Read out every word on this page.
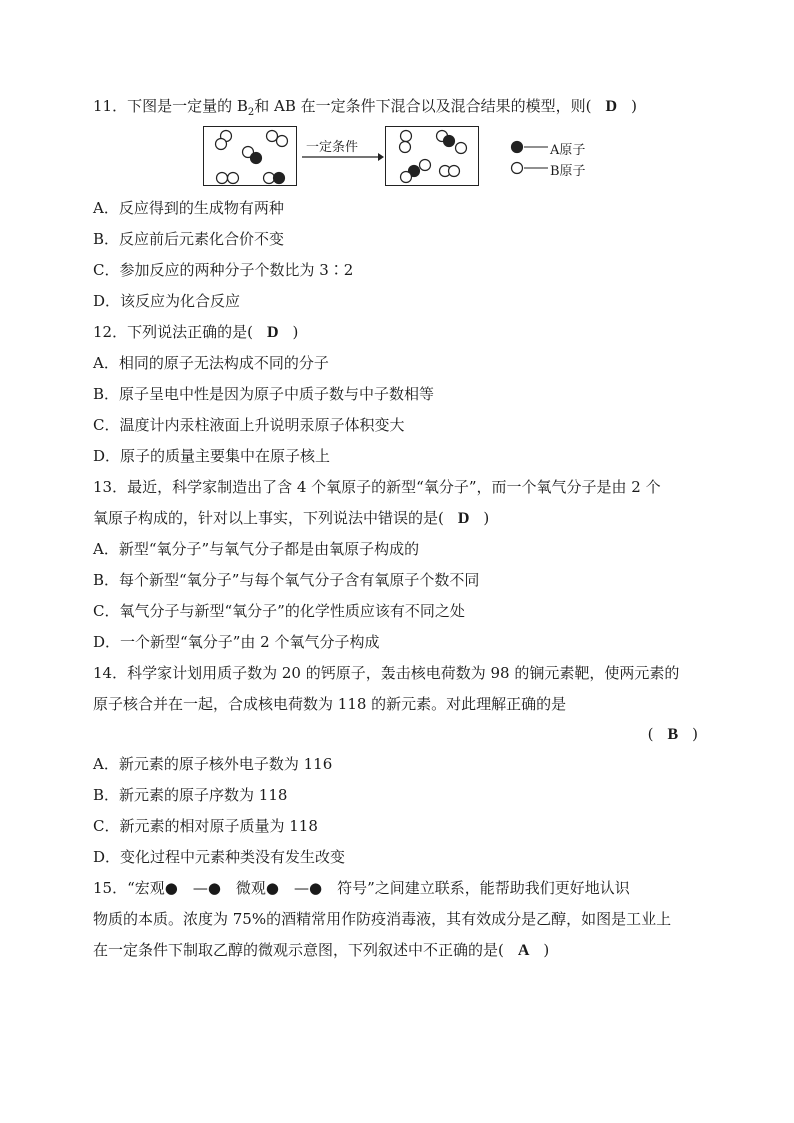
11．下图是一定量的 $B_2$和 AB 在一定条件下混合以及混合结果的模型，则( D )
一定条件	A原子
B原子
A．反应得到的生成物有两种
B．反应前后元素化合价不变
C．参加反应的两种分子个数比为 3∶2
D．该反应为化合反应
12．下列说法正确的是( D )
A．相同的原子无法构成不同的分子
B．原子呈电中性是因为原子中质子数与中子数相等
C．温度计内汞柱液面上升说明汞原子体积变大
D．原子的质量主要集中在原子核上
13．最近，科学家制造出了含 4 个氧原子的新型“氧分子”，而一个氧气分子是由 2 个
氧原子构成的，针对以上事实，下列说法中错误的是( D )
A．新型“氧分子”与氧气分子都是由氧原子构成的
B．每个新型“氧分子”与每个氧气分子含有氧原子个数不同
C．氧气分子与新型“氧分子”的化学性质应该有不同之处
D．一个新型“氧分子”由 2 个氧气分子构成
14．科学家计划用质子数为 20 的钙原子，轰击核电荷数为 98 的锎元素靶，使两元素的
原子核合并在一起，合成核电荷数为 118 的新元素。对此理解正确的是
( B )
A．新元素的原子核外电子数为 116
B．新元素的原子序数为 118
C．新元素的相对原子质量为 118
D．变化过程中元素种类没有发生改变
15．“宏观●　—●　微观●　—●　符号”之间建立联系，能帮助我们更好地认识
物质的本质。浓度为 75%的酒精常用作防疫消毒液，其有效成分是乙醇，如图是工业上
在一定条件下制取乙醇的微观示意图，下列叙述中不正确的是( A )
